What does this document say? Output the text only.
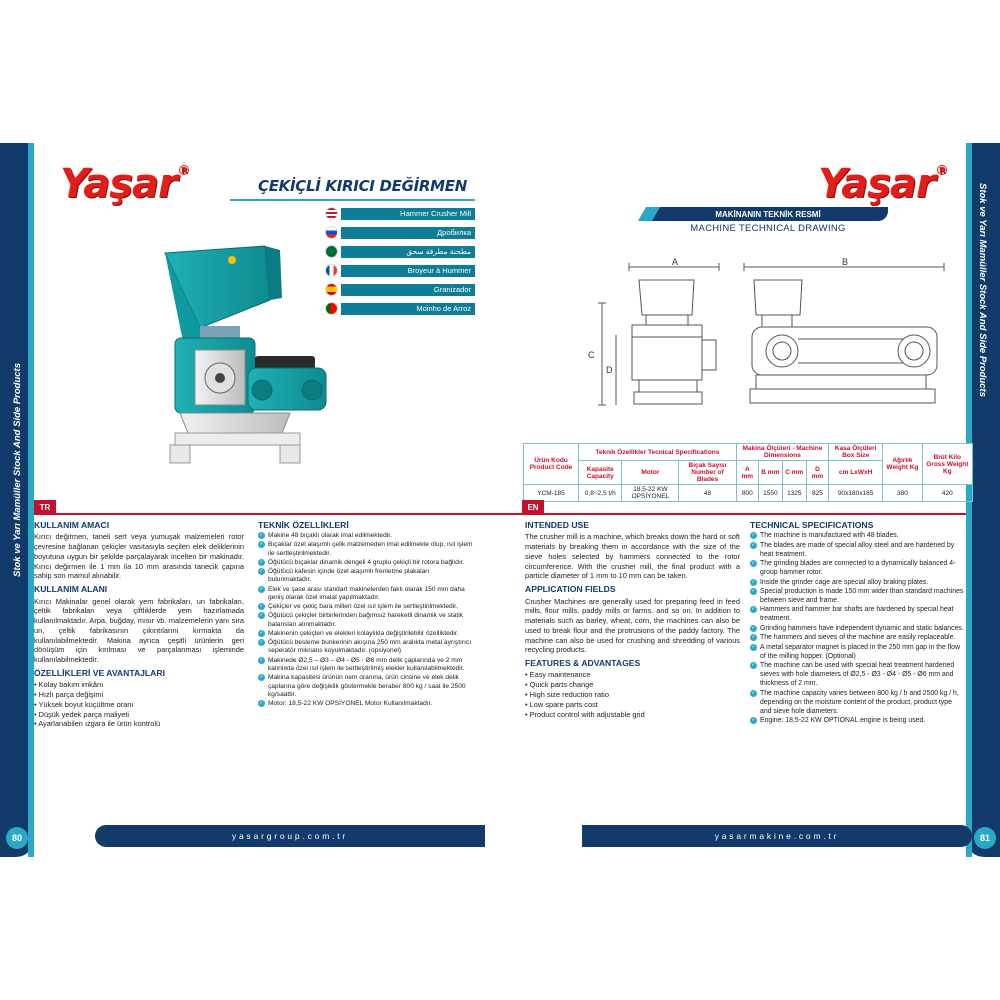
Stok ve Yarı Mamüller Stock And Side Products
80
Yaşar R
ÇEKİÇLİ KIRICI DEĞİRMEN
Hammer Crusher Mill
Дробилка
مطحنة مطرقة سحق
Broyeur à Hummer
Granizador
Moinho de Arroz
TR
KULLANIM AMACI

Kırıcı değirmen, taneli sert veya yumuşak malzemeleri rotor çevresine bağlanan çekiçler vasıtasıyla seçilen elek deliklerinin boyutuna uygun bir şekilde parçalayarak incelten bir makinadır. Kırıcı değirmen ile 1 mm ila 10 mm arasında tanecik çapına sahip son mamul alınabilir.

KULLANIM ALANI

Kırıcı Makinalar genel olarak yem fabrikaları, un fabrikaları, çeltik fabrikaları veya çiftliklerde yem hazırlamada kullanılmaktadır. Arpa, buğday, mısır vb. malzemelerin yanı sıra un, çeltik fabrikasının çıkıntılarını kırmakta da kullanılabilmektedir. Makina ayrıca çeşitli ürünlerin geri dönüşüm için kırılması ve parçalanması işleminde kullanılabilmektedir.

ÖZELLİKLERİ VE AVANTAJLARI
• Kolay bakım imkânı
• Hızlı parça değişimi
• Yüksek boyut küçültme oranı
• Düşük yedek parça maliyeti
• Ayarlanabilen ızgara ile ürün kontrolü
TEKNİK ÖZELLİKLERİ
✓ Makine 48 bıçaklı olarak imal edilmektedir.
✓ Bıçaklar özel alaşımlı çelik malzemeden imal edilmekte olup, ısıl işlem ile sertleştirilmektedir.
✓ Öğütücü bıçaklar dinamik dengeli 4 gruplu çekiçli bir rotora bağlıdır.
✓ Öğütücü kafesin içinde özel alaşımlı frenletme plakaları bulunmaktadır.
✓ Elek ve şase arası standart makinelerden faklı olarak 150 mm daha geniş olarak özel imalat yapılmaktadır.
✓ Çekiçler ve çekiç bara milleri özel ısıl işlem ile sertleştirilmektedir.
✓ Öğütücü çekiçler birbirlerinden bağımsız hareketli dinamik ve statik balansları alınmaktadır.
✓ Makinenin çekiçleri ve elekleri kolaylıkla değiştirilebilir özelliktedir.
✓ Öğütücü besleme bunkerinin akışına 250 mm aralıkta metal ayrıştırıcı seperatör mıknatıs koyulmaktadır. (opsiyonel)
✓ Makinede Ø2,5 – Ø3 – Ø4 - Ø5 - Ø6 mm delik çaplarında ve 2 mm kalınlıkta özel ısıl işlem ile sertleştirilmiş elekler kullanılabilmektedir.
✓ Makina kapasitesi ürünün nem oranına, ürün cinsine ve elek delik çaplarına göre değişiklik göstermekle beraber 800 kg / saat ile 2500 kg/saattir.
✓ Motor: 18,5-22 KW OPSİYONEL Motor Kullanılmaktadır.
yasargroup.com.tr
Stok ve Yarı Mamüller Stock And Side Products
81
Yaşar R
MAKİNANIN TEKNİK RESMİ
MACHINE TECHNICAL DRAWING
A	B
C
D
Ürün Kodu Product Code	Teknik Özellikler Tecnical Specifications			Makina Ölçüleri - Machine Dimensions				Kasa Ölçüleri Box Size	Ağırlık Weight Kg	Brüt Kilo Gross Weight Kg
	Kapasite Capacity	Motor	Bıçak Sayısı Number of Blades	A mm	B mm	C mm	D mm	cm LxWxH		
YCM-185	0,8~2,5 t/h	18,5-22 KW OPSİYONEL	48	800	1550	1325	825	90x180x165	380	420
EN
INTENDED USE

The crusher mill is a machine, which breaks down the hard or soft materials by breaking them in accordance with the size of the sieve holes selected by hammers connected to the rotor circumference. With the crusher mill, the final product with a particle diameter of 1 mm to 10 mm can be taken.

APPLICATION FIELDS

Crusher Machines are generally used for preparing feed in feed mills, flour mills, paddy mills or farms. and so on. In addition to materials such as barley, wheat, corn, the machines can also be used to break flour and the protrusions of the paddy factory. The machine can also be used for crushing and shredding of various recycling products.

FEATURES & ADVANTAGES
• Easy maintenance
• Quick parts change
• High size reduction ratio
• Low spare parts cost
• Product control with adjustable grid
TECHNICAL SPECIFICATIONS
✓ The machine is manufactured with 48 blades.
✓ The blades are made of special alloy steel and are hardened by heat treatment.
✓ The grinding blades are connected to a dynamically balanced 4-group hammer rotor.
✓ Inside the grinder cage are special alloy braking plates.
✓ Special production is made 150 mm wider than standard machines between sieve and frame.
✓ Hammers and hammer bar shafts are hardened by special heat treatment.
✓ Grinding hammers have independent dynamic and static balances.
✓ The hammers and sieves of the machine are easily replaceable.
✓ A metal separator magnet is placed in the 250 mm gap in the flow of the milling hopper. (Optional)
✓ The machine can be used with special heat treatment hardened sieves with hole diameters of Ø2,5 - Ø3 - Ø4 - Ø5 - Ø6 mm and thickness of 2 mm.
✓ The machine capacity varies between 800 kg / h and 2500 kg / h, depending on the moisture content of the product, product type and sieve hole diameters.
✓ Engine: 18,5-22 KW OPTIONAL engine is being used.
yasarmakine.com.tr
